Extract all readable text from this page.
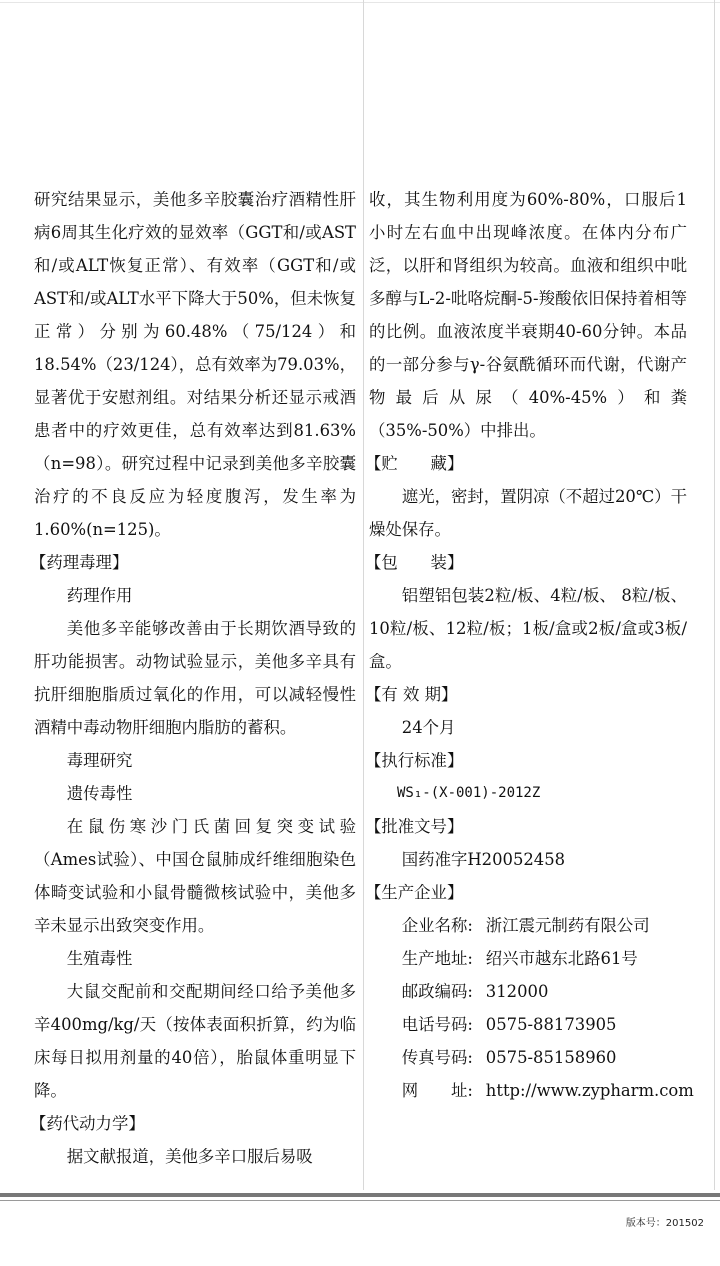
研究结果显示，美他多辛胶囊治疗酒精性肝病6周其生化疗效的显效率（GGT和/或AST和/或ALT恢复正常）、有效率（GGT和/或AST和/或ALT水平下降大于50%，但未恢复正常）分别为60.48%（75/124）和18.54%（23/124），总有效率为79.03%，显著优于安慰剂组。对结果分析还显示戒酒患者中的疗效更佳，总有效率达到81.63%（n=98）。研究过程中记录到美他多辛胶囊治疗的不良反应为轻度腹泻，发生率为1.60%(n=125)。

【药理毒理】

药理作用

美他多辛能够改善由于长期饮酒导致的肝功能损害。动物试验显示，美他多辛具有抗肝细胞脂质过氧化的作用，可以减轻慢性酒精中毒动物肝细胞内脂肪的蓄积。

毒理研究

遗传毒性

在鼠伤寒沙门氏菌回复突变试验（Ames试验）、中国仓鼠肺成纤维细胞染色体畸变试验和小鼠骨髓微核试验中，美他多辛未显示出致突变作用。

生殖毒性

大鼠交配前和交配期间经口给予美他多辛400mg/kg/天（按体表面积折算，约为临床每日拟用剂量的40倍），胎鼠体重明显下降。

【药代动力学】

据文献报道，美他多辛口服后易吸

收，其生物利用度为60%-80%，口服后1小时左右血中出现峰浓度。在体内分布广泛，以肝和肾组织为较高。血液和组织中吡多醇与L-2-吡咯烷酮-5-羧酸依旧保持着相等的比例。血液浓度半衰期40-60分钟。本品的一部分参与γ-谷氨酰循环而代谢，代谢产物最后从尿（40%-45%）和粪（35%-50%）中排出。

【贮　　藏】

遮光，密封，置阴凉（不超过20℃）干燥处保存。

【包　　装】

铝塑铝包装2粒/板、4粒/板、 8粒/板、 10粒/板、12粒/板；1板/盒或2板/盒或3板/盒。

【有 效 期】

24个月

【执行标准】

WS₁-(X-001)-2012Z

【批准文号】

国药准字H20052458

【生产企业】

企业名称: 浙江震元制药有限公司
生产地址: 绍兴市越东北路61号
邮政编码: 312000
电话号码: 0575-88173905
传真号码: 0575-85158960
网　　址: http://www.zypharm.com
版本号：201502
